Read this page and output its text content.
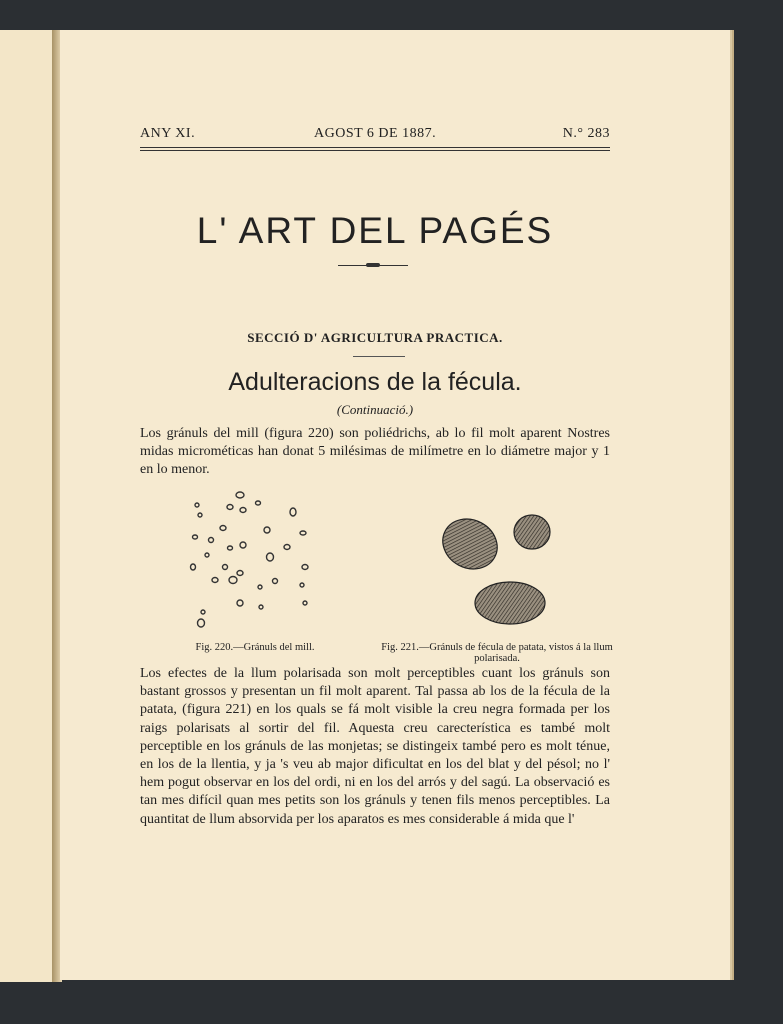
ANY XI.	AGOST 6 DE 1887.	N.° 283
L' ART DEL PAGÉS
SECCIÓ D' AGRICULTURA PRACTICA.
Adulteracions de la fécula.
(Continuació.)
Los gránuls del mill (figura 220) son poliédrichs, ab lo fil molt aparent Nostres midas microméticas han donat 5 milésimas de milímetre en lo diámetre major y 1 en lo menor.
Fig. 220.—Gránuls del mill.	Fig. 221.—Gránuls de fécula de patata, vistos á la llum polarisada.
Los efectes de la llum polarisada son molt perceptibles cuant los gránuls son bastant grossos y presentan un fil molt aparent. Tal passa ab los de la fécula de la patata, (figura 221) en los quals se fá molt visible la creu negra formada per los raigs polarisats al sortir del fil. Aquesta creu carecterística es també molt perceptible en los gránuls de las monjetas; se distingeix també pero es molt ténue, en los de la llentia, y ja 's veu ab major dificultat en los del blat y del pésol; no l' hem pogut observar en los del ordi, ni en los del arrós y del sagú. La observació es tan mes difícil quan mes petits son los gránuls y tenen fils menos perceptibles. La quantitat de llum absorvida per los aparatos es mes considerable á mida que l'
